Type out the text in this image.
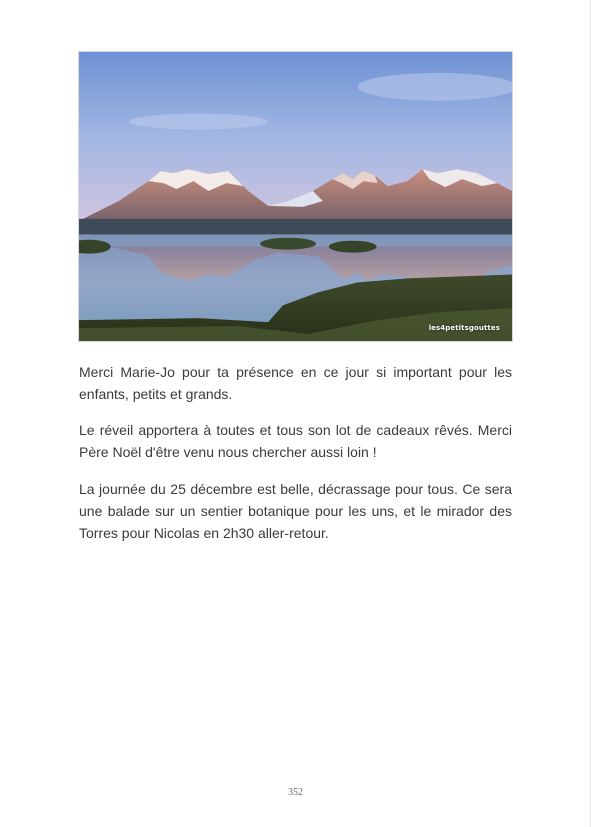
les4petitsgouttes

Merci Marie-Jo pour ta présence en ce jour si important pour les enfants, petits et grands.

Le réveil apportera à toutes et tous son lot de cadeaux rêvés. Merci Père Noël d'être venu nous chercher aussi loin !

La journée du 25 décembre est belle, décrassage pour tous. Ce sera une balade sur un sentier botanique pour les uns, et le mirador des Torres pour Nicolas en 2h30 aller-retour.

352
